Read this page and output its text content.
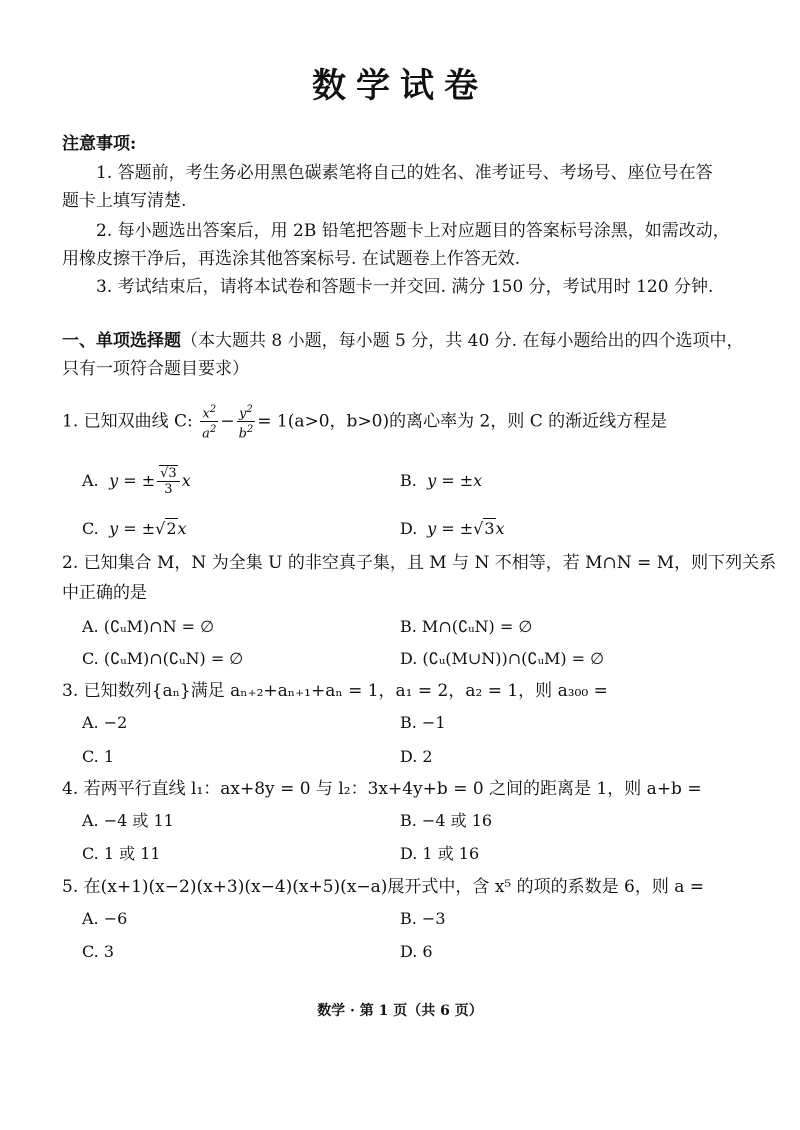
数学试卷
注意事项:
1. 答题前，考生务必用黑色碳素笔将自己的姓名、准考证号、考场号、座位号在答
题卡上填写清楚.
2. 每小题选出答案后，用 2B 铅笔把答题卡上对应题目的答案标号涂黑，如需改动，
用橡皮擦干净后，再选涂其他答案标号. 在试题卷上作答无效.
3. 考试结束后，请将本试卷和答题卡一并交回. 满分 150 分，考试用时 120 分钟.
一、单项选择题（本大题共 8 小题，每小题 5 分，共 40 分. 在每小题给出的四个选项中，
只有一项符合题目要求）
1. 已知双曲线 C: $\frac{x^2}{a^2} - \frac{y^2}{b^2} = 1(a>0$，b>0)的离心率为 2，则 C 的渐近线方程是
A. y = ± $\frac{√3}{3}$ x	B. y = ±x
C. y = ±√2x	D. y = ±√3x
2. 已知集合 M，N 为全集 U 的非空真子集，且 M 与 N 不相等，若 M∩N = M，则下列关系
中正确的是
A. (∁ᵤM)∩N = ∅	B. M∩(∁ᵤN) = ∅
C. (∁ᵤM)∩(∁ᵤN) = ∅	D. (∁ᵤ(M∪N))∩(∁ᵤM) = ∅
3. 已知数列{aₙ}满足 aₙ₊₂+aₙ₊₁+aₙ = 1，a₁ = 2，a₂ = 1，则 a₃₀₀ =
A. −2	B. −1
C. 1	D. 2
4. 若两平行直线 l₁：ax+8y = 0 与 l₂：3x+4y+b = 0 之间的距离是 1，则 a+b =
A. −4 或 11	B. −4 或 16
C. 1 或 11	D. 1 或 16
5. 在(x+1)(x−2)(x+3)(x−4)(x+5)(x−a)展开式中，含 x⁵ 的项的系数是 6，则 a =
A. −6	B. −3
C. 3	D. 6
数学 · 第 1 页（共 6 页）
